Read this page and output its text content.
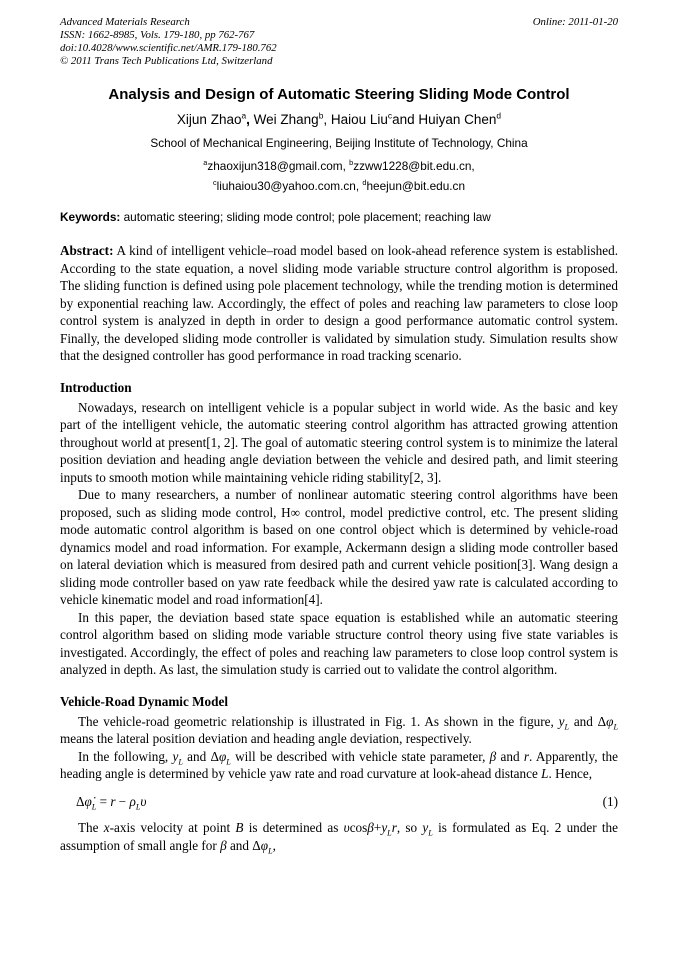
Advanced Materials Research
ISSN: 1662-8985, Vols. 179-180, pp 762-767
doi:10.4028/www.scientific.net/AMR.179-180.762
© 2011 Trans Tech Publications Ltd, Switzerland
Online: 2011-01-20
Analysis and Design of Automatic Steering Sliding Mode Control
Xijun Zhao$^a$, Wei Zhang$^b$, Haiou Liu$^c$and Huiyan Chen$^d$
School of Mechanical Engineering, Beijing Institute of Technology, China
$^a$zhaoxijun318@gmail.com, $^b$zzww1228@bit.edu.cn,
$^c$liuhaiou30@yahoo.com.cn, $^d$heejun@bit.edu.cn
Keywords: automatic steering; sliding mode control; pole placement; reaching law
Abstract: A kind of intelligent vehicle–road model based on look-ahead reference system is established. According to the state equation, a novel sliding mode variable structure control algorithm is proposed. The sliding function is defined using pole placement technology, while the trending motion is determined by exponential reaching law. Accordingly, the effect of poles and reaching law parameters to close loop control system is analyzed in depth in order to design a good performance automatic control system. Finally, the developed sliding mode controller is validated by simulation study. Simulation results show that the designed controller has good performance in road tracking scenario.
Introduction

Nowadays, research on intelligent vehicle is a popular subject in world wide. As the basic and key part of the intelligent vehicle, the automatic steering control algorithm has attracted growing attention throughout world at present[1, 2]. The goal of automatic steering control system is to minimize the lateral position deviation and heading angle deviation between the vehicle and desired path, and limit steering inputs to smooth motion while maintaining vehicle riding stability[2, 3].

Due to many researchers, a number of nonlinear automatic steering control algorithms have been proposed, such as sliding mode control, H∞ control, model predictive control, etc. The present sliding mode automatic control algorithm is based on one control object which is determined by vehicle-road dynamics model and road information. For example, Ackermann design a sliding mode controller based on lateral deviation which is measured from desired path and current vehicle position[3]. Wang design a sliding mode controller based on yaw rate feedback while the desired yaw rate is calculated according to vehicle kinematic model and road information[4].

In this paper, the deviation based state space equation is established while an automatic steering control algorithm based on sliding mode variable structure control theory using five state variables is investigated. Accordingly, the effect of poles and reaching law parameters to close loop control system is analyzed in depth. As last, the simulation study is carried out to validate the control algorithm.

Vehicle-Road Dynamic Model

The vehicle-road geometric relationship is illustrated in Fig. 1. As shown in the figure, $y_L$ and $\Delta\varphi_L$ means the lateral position deviation and heading angle deviation, respectively.

In the following, $y_L$ and $\Delta\varphi_L$ will be described with vehicle state parameter, β and r. Apparently, the heading angle is determined by vehicle yaw rate and road curvature at look-ahead distance L. Hence,

$\Delta\varphi̇_L = r - \rho_L\upsilon$	(1)

The x-axis velocity at point B is determined as $\upsilon\cos\beta+y_Lr$, so $y_L$ is formulated as Eq. 2 under the assumption of small angle for β and $\Delta\varphi_L$,
